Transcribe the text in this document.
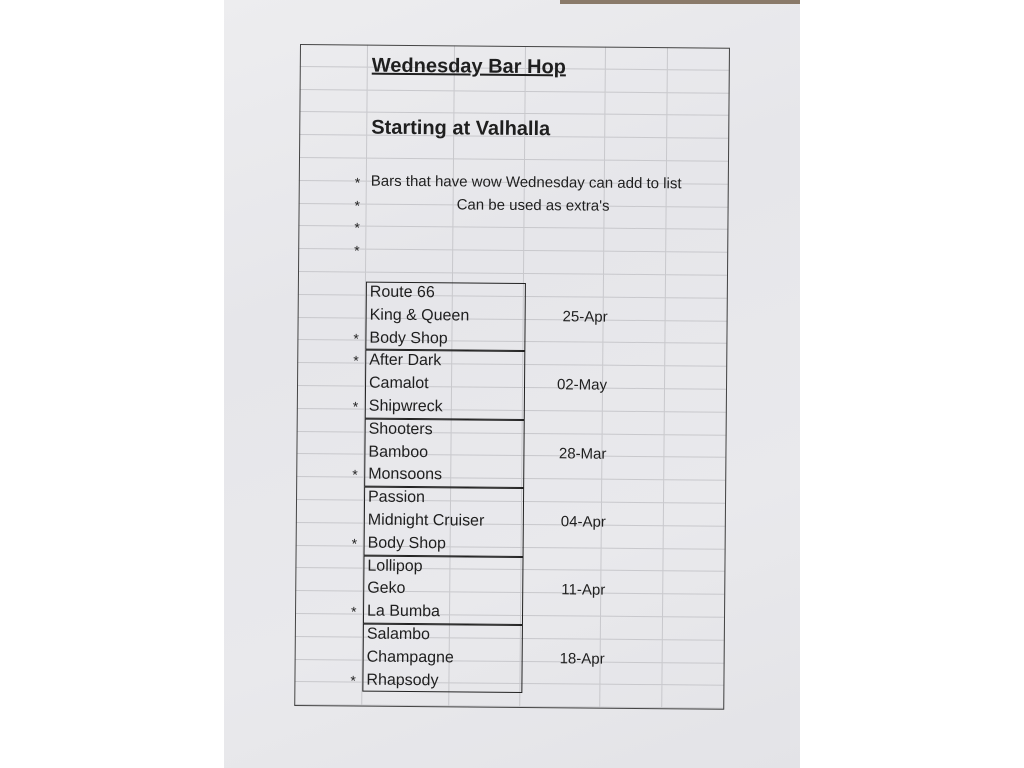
Wednesday Bar Hop
Starting at Valhalla
* Bars that have wow Wednesday can add to list
*	Can be used as extra's
*
*
Route 66
King & Queen
* Body Shop
25-Apr
* After Dark
Camalot
* Shipwreck
02-May
Shooters
Bamboo
* Monsoons
28-Mar
Passion
Midnight Cruiser
* Body Shop
04-Apr
Lollipop
Geko
* La Bumba
11-Apr
Salambo
Champagne
* Rhapsody
18-Apr
